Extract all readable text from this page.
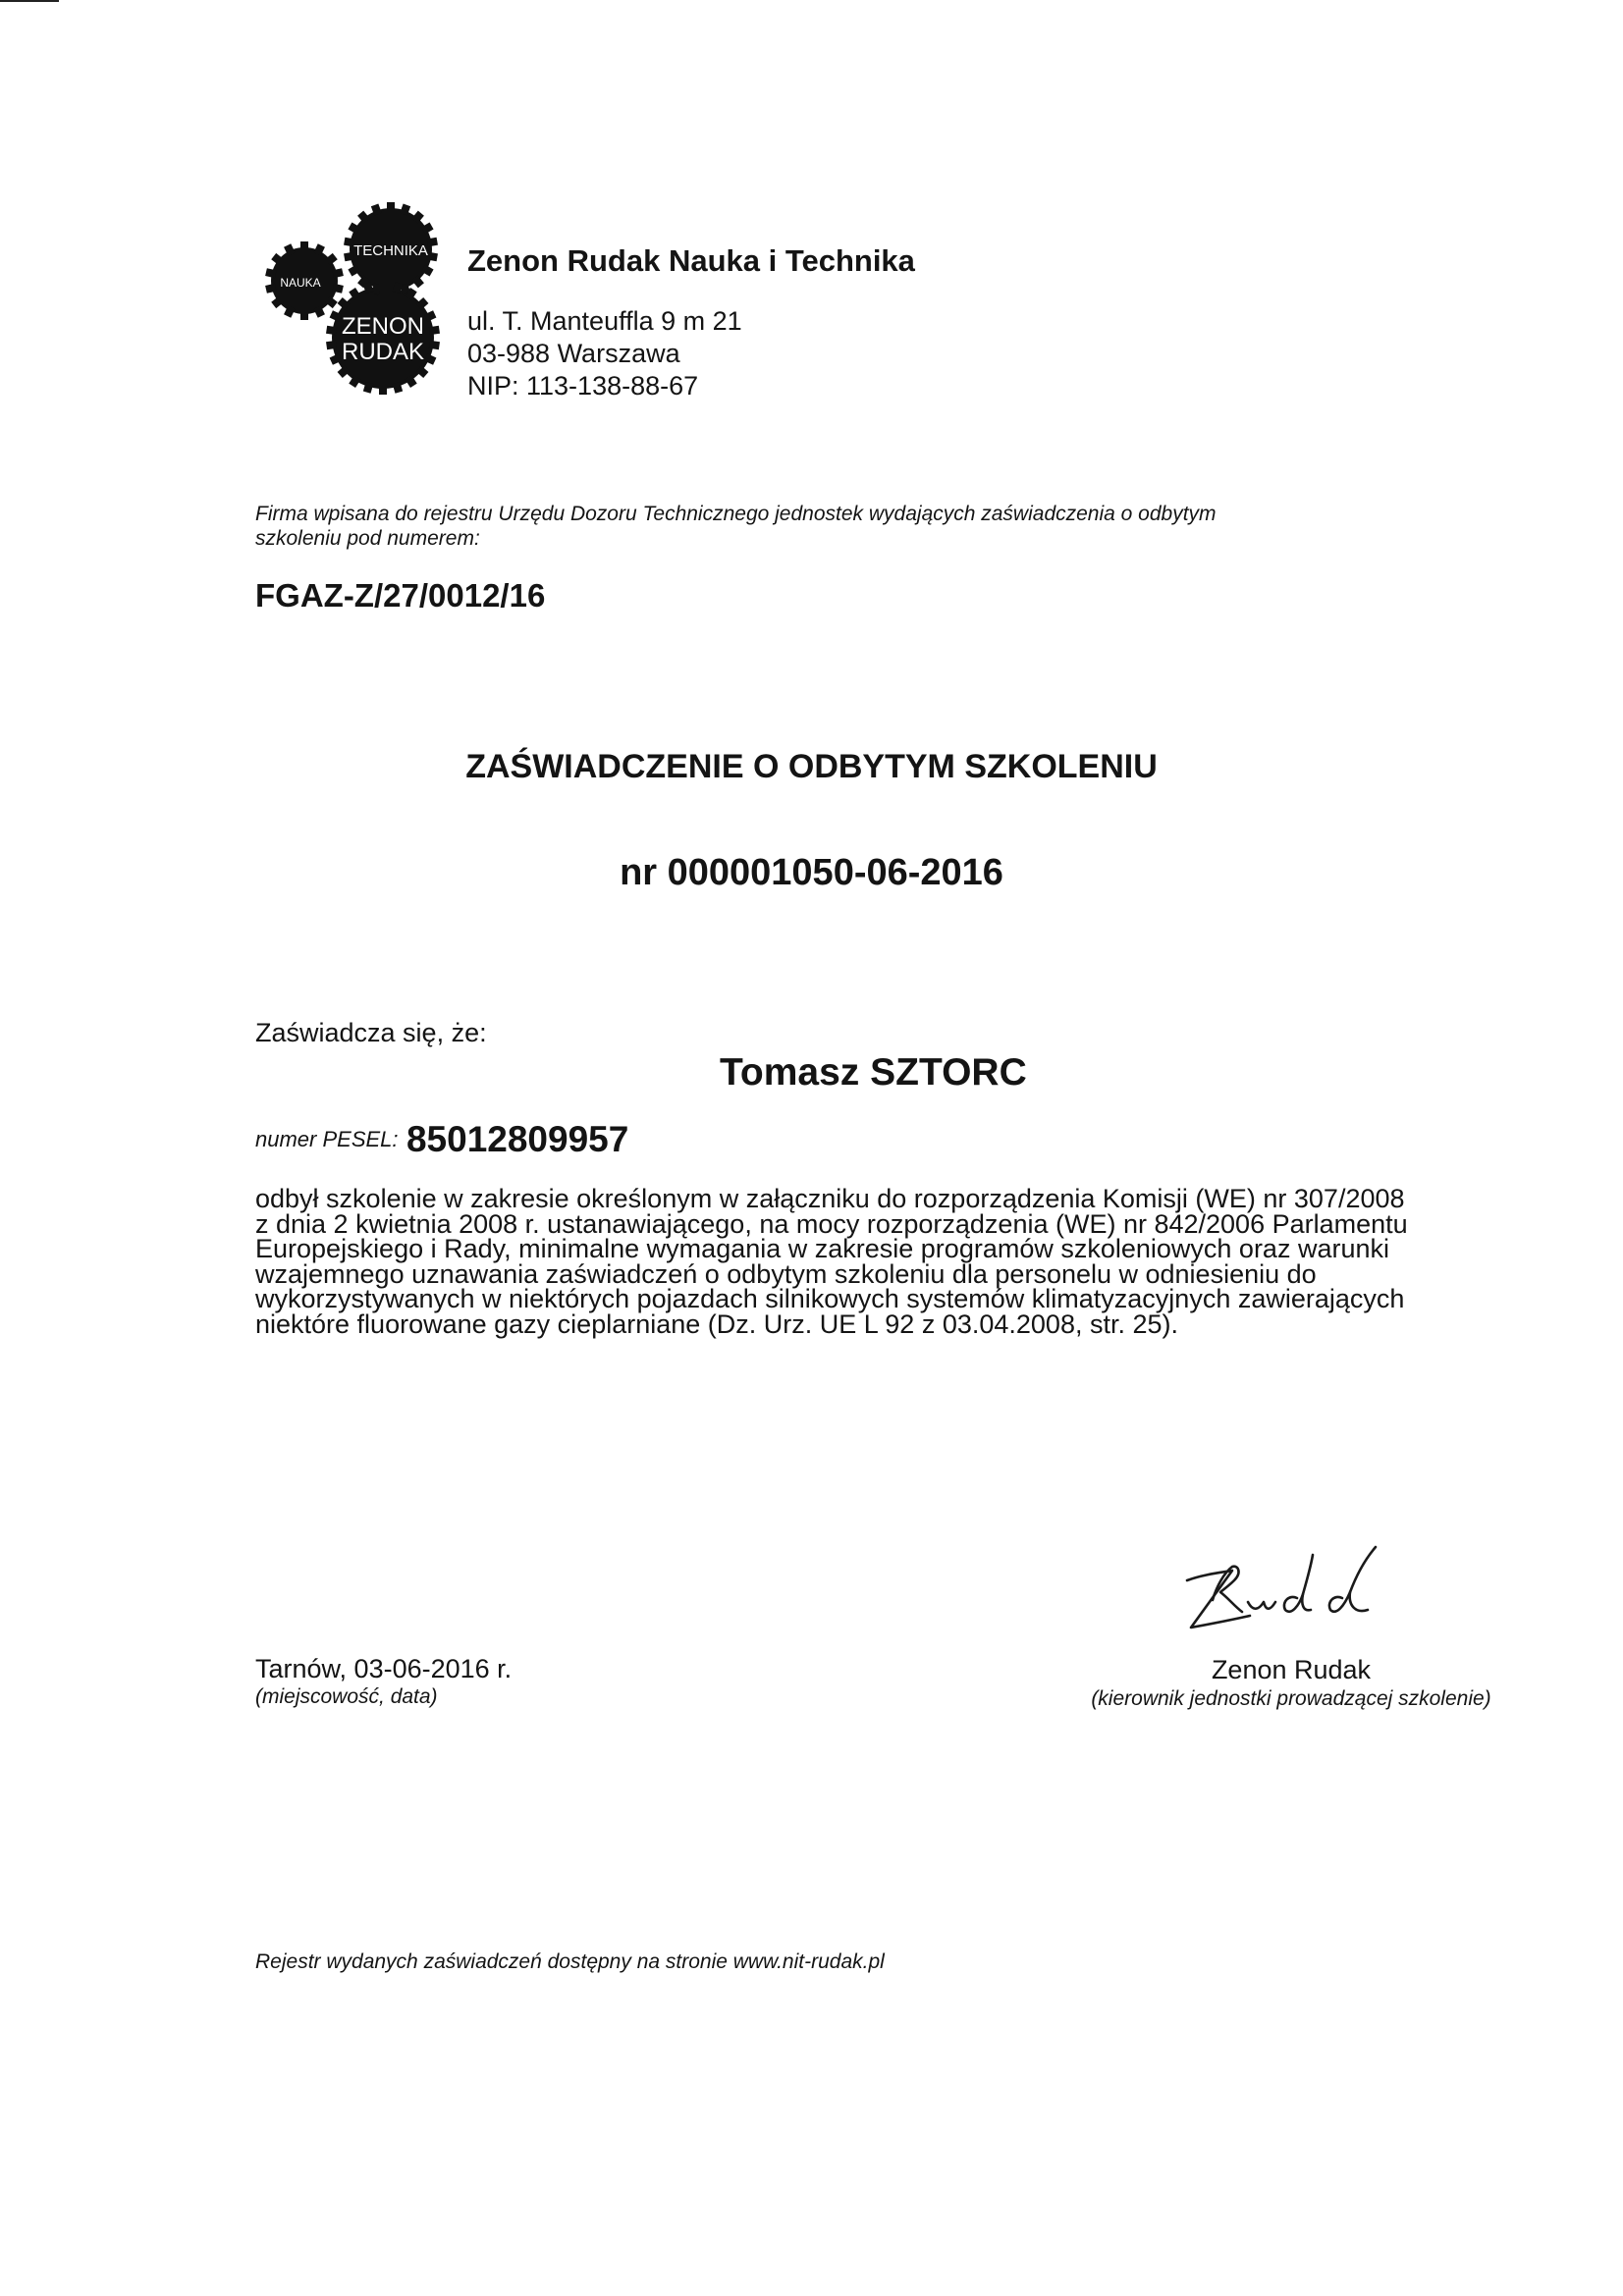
TECHNIKA
NAUKA
ZENON
RUDAK
Zenon Rudak Nauka i Technika
ul. T. Manteuffla 9 m 21
03-988 Warszawa
NIP: 113-138-88-67
Firma wpisana do rejestru Urzędu Dozoru Technicznego jednostek wydających zaświadczenia o odbytym szkoleniu pod numerem:
FGAZ-Z/27/0012/16
ZAŚWIADCZENIE O ODBYTYM SZKOLENIU
nr 000001050-06-2016
Zaświadcza się, że:
Tomasz SZTORC
numer PESEL: 85012809957
odbył szkolenie w zakresie określonym w załączniku do rozporządzenia Komisji (WE) nr 307/2008
z dnia 2 kwietnia 2008 r. ustanawiającego, na mocy rozporządzenia (WE) nr 842/2006 Parlamentu
Europejskiego i Rady, minimalne wymagania w zakresie programów szkoleniowych oraz warunki
wzajemnego uznawania zaświadczeń o odbytym szkoleniu dla personelu w odniesieniu do
wykorzystywanych w niektórych pojazdach silnikowych systemów klimatyzacyjnych zawierających
niektóre fluorowane gazy cieplarniane (Dz. Urz. UE L 92 z 03.04.2008, str. 25).
Tarnów, 03-06-2016 r.
(miejscowość, data)
Zenon Rudak
(kierownik jednostki prowadzącej szkolenie)
Rejestr wydanych zaświadczeń dostępny na stronie www.nit-rudak.pl
